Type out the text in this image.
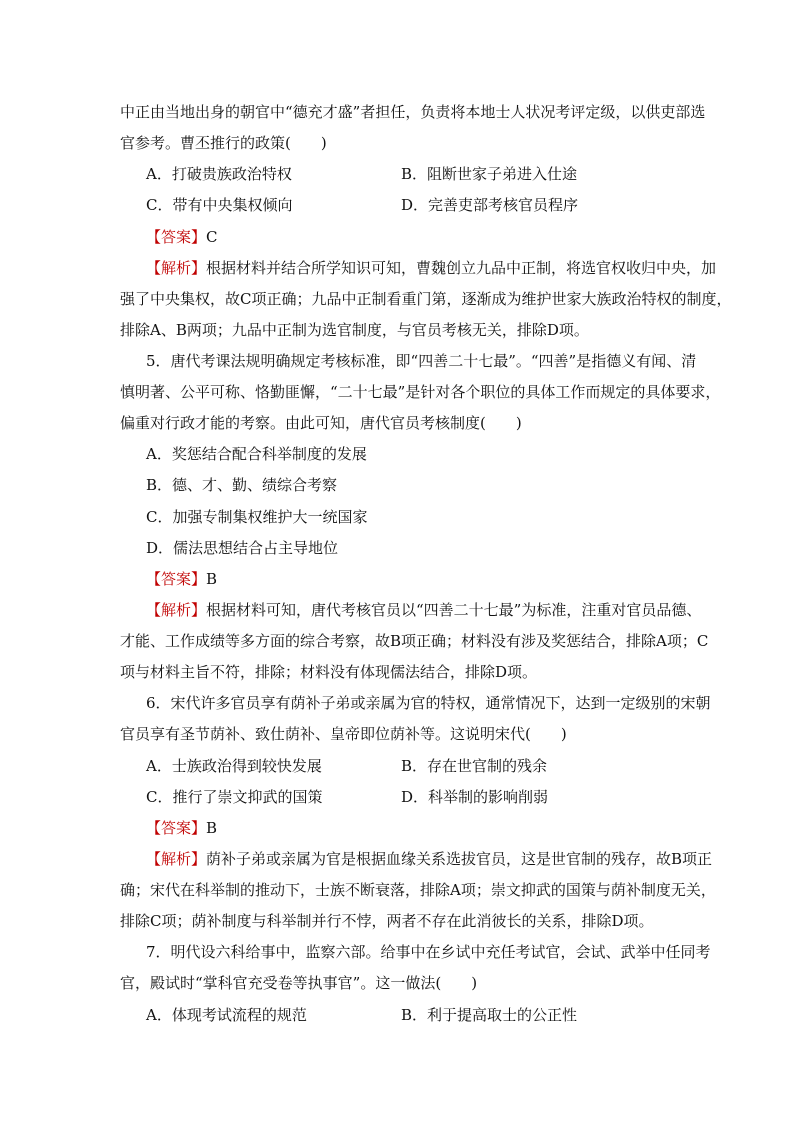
中正由当地出身的朝官中“德充才盛”者担任，负责将本地士人状况考评定级，以供吏部选
官参考。曹丕推行的政策(　　)
A．打破贵族政治特权	B．阻断世家子弟进入仕途
C．带有中央集权倾向	D．完善吏部考核官员程序
【答案】C
【解析】根据材料并结合所学知识可知，曹魏创立九品中正制，将选官权收归中央，加
强了中央集权，故C项正确；九品中正制看重门第，逐渐成为维护世家大族政治特权的制度，
排除A、B两项；九品中正制为选官制度，与官员考核无关，排除D项。
5．唐代考课法规明确规定考核标准，即“四善二十七最”。“四善”是指德义有闻、清
慎明著、公平可称、恪勤匪懈，“二十七最”是针对各个职位的具体工作而规定的具体要求，
偏重对行政才能的考察。由此可知，唐代官员考核制度(　　)
A．奖惩结合配合科举制度的发展
B．德、才、勤、绩综合考察
C．加强专制集权维护大一统国家
D．儒法思想结合占主导地位
【答案】B
【解析】根据材料可知，唐代考核官员以“四善二十七最”为标准，注重对官员品德、
才能、工作成绩等多方面的综合考察，故B项正确；材料没有涉及奖惩结合，排除A项；C
项与材料主旨不符，排除；材料没有体现儒法结合，排除D项。
6．宋代许多官员享有荫补子弟或亲属为官的特权，通常情况下，达到一定级别的宋朝
官员享有圣节荫补、致仕荫补、皇帝即位荫补等。这说明宋代(　　)
A．士族政治得到较快发展	B．存在世官制的残余
C．推行了崇文抑武的国策	D．科举制的影响削弱
【答案】B
【解析】荫补子弟或亲属为官是根据血缘关系选拔官员，这是世官制的残存，故B项正
确；宋代在科举制的推动下，士族不断衰落，排除A项；崇文抑武的国策与荫补制度无关，
排除C项；荫补制度与科举制并行不悖，两者不存在此消彼长的关系，排除D项。
7．明代设六科给事中，监察六部。给事中在乡试中充任考试官，会试、武举中任同考
官，殿试时“掌科官充受卷等执事官”。这一做法(　　)
A．体现考试流程的规范	B．利于提高取士的公正性
